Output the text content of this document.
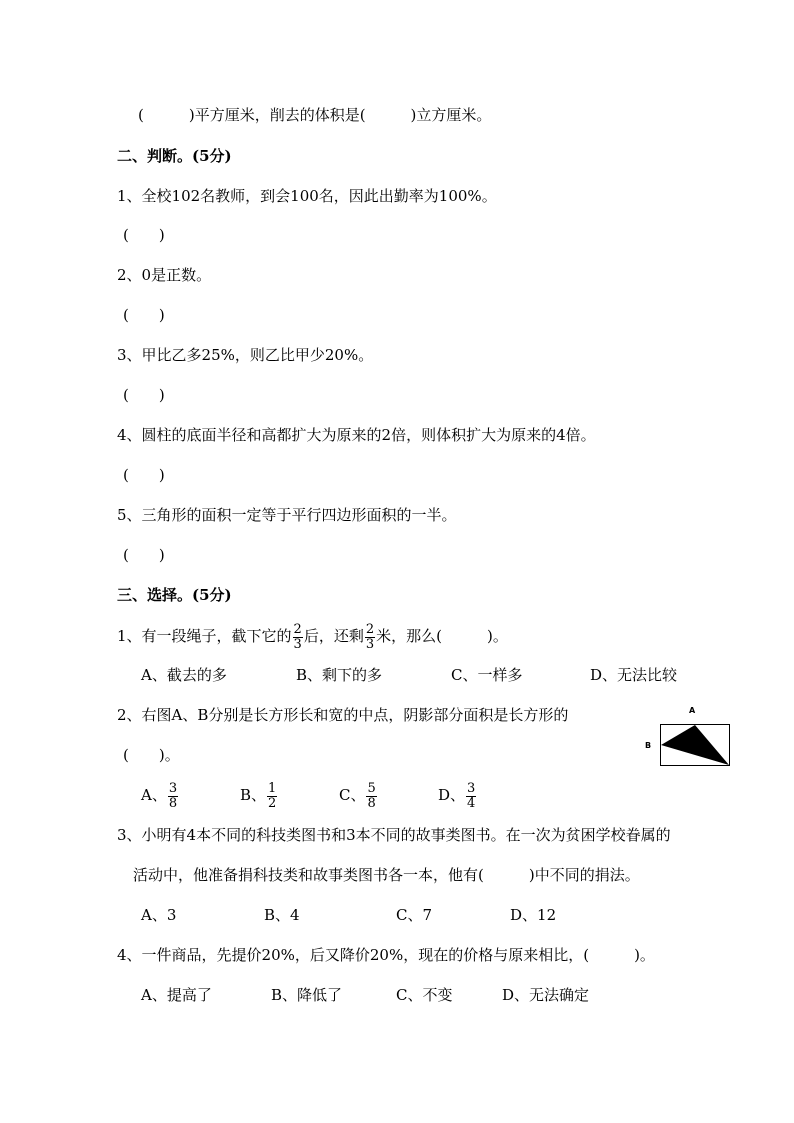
(　　　)平方厘米，削去的体积是(　　　)立方厘米。
二、判断。(5分)
1、全校102名教师，到会100名，因此出勤率为100%。
(　　)
2、0是正数。
(　　)
3、甲比乙多25%，则乙比甲少20%。
(　　)
4、圆柱的底面半径和高都扩大为原来的2倍，则体积扩大为原来的4倍。
(　　)
5、三角形的面积一定等于平行四边形面积的一半。
(　　)
三、选择。(5分)
1、有一段绳子，截下它的 $\frac{2}{3}$ 后，还剩 $\frac{2}{3}$ 米，那么(　　　)。
A、截去的多	B、剩下的多	C、一样多	D、无法比较
2、右图A、B分别是长方形长和宽的中点，阴影部分面积是长方形的
(　　)。
A
B
A、 $\frac{3}{8}$	B、 $\frac{1}{2}$	C、 $\frac{5}{8}$	D、 $\frac{3}{4}$
3、小明有4本不同的科技类图书和3本不同的故事类图书。在一次为贫困学校眷属的
活动中，他准备捐科技类和故事类图书各一本，他有(　　　)中不同的捐法。
A、3	B、4	C、7	D、12
4、一件商品，先提价20%，后又降价20%，现在的价格与原来相比，(　　　)。
A、提高了	B、降低了	C、不变	D、无法确定
